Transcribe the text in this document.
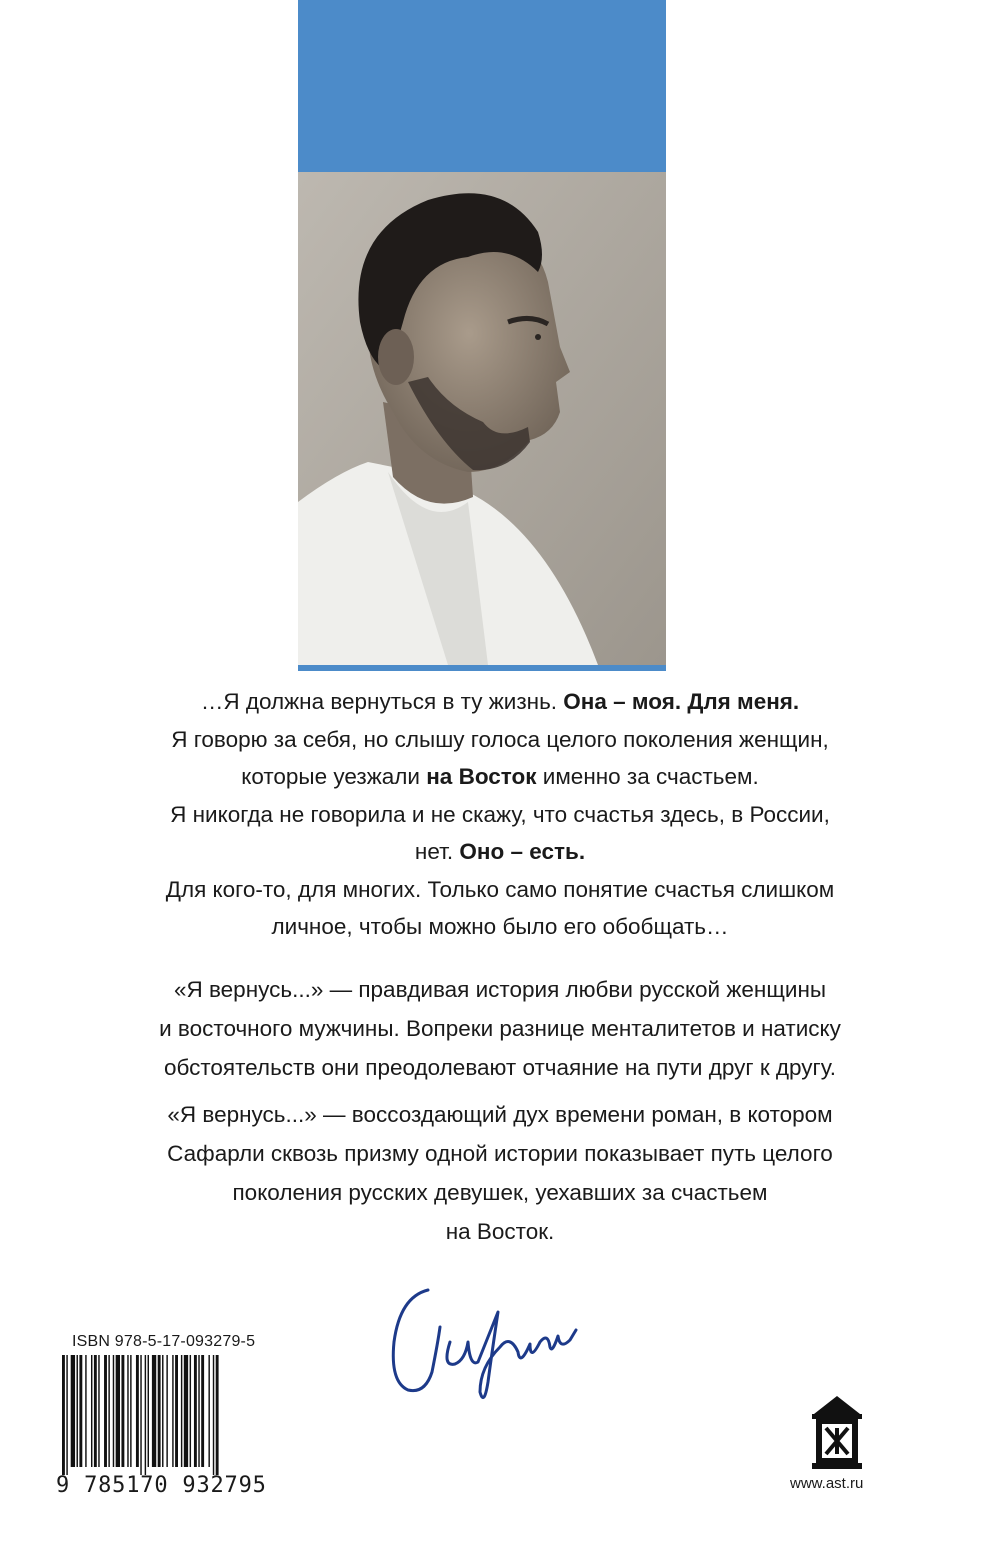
…Я должна вернуться в ту жизнь. Она – моя. Для меня.
Я говорю за себя, но слышу голоса целого поколения женщин,
которые уезжали на Восток именно за счастьем.
Я никогда не говорила и не скажу, что счастья здесь, в России,
нет. Оно – есть.
Для кого-то, для многих. Только само понятие счастья слишком
личное, чтобы можно было его обобщать…
«Я вернусь...» — правдивая история любви русской женщины
и восточного мужчины. Вопреки разнице менталитетов и натиску
обстоятельств они преодолевают отчаяние на пути друг к другу.
«Я вернусь...» — воссоздающий дух времени роман, в котором
Сафарли сквозь призму одной истории показывает путь целого
поколения русских девушек, уехавших за счастьем
на Восток.
ISBN 978-5-17-093279-5
9 785170 932795	www.ast.ru
